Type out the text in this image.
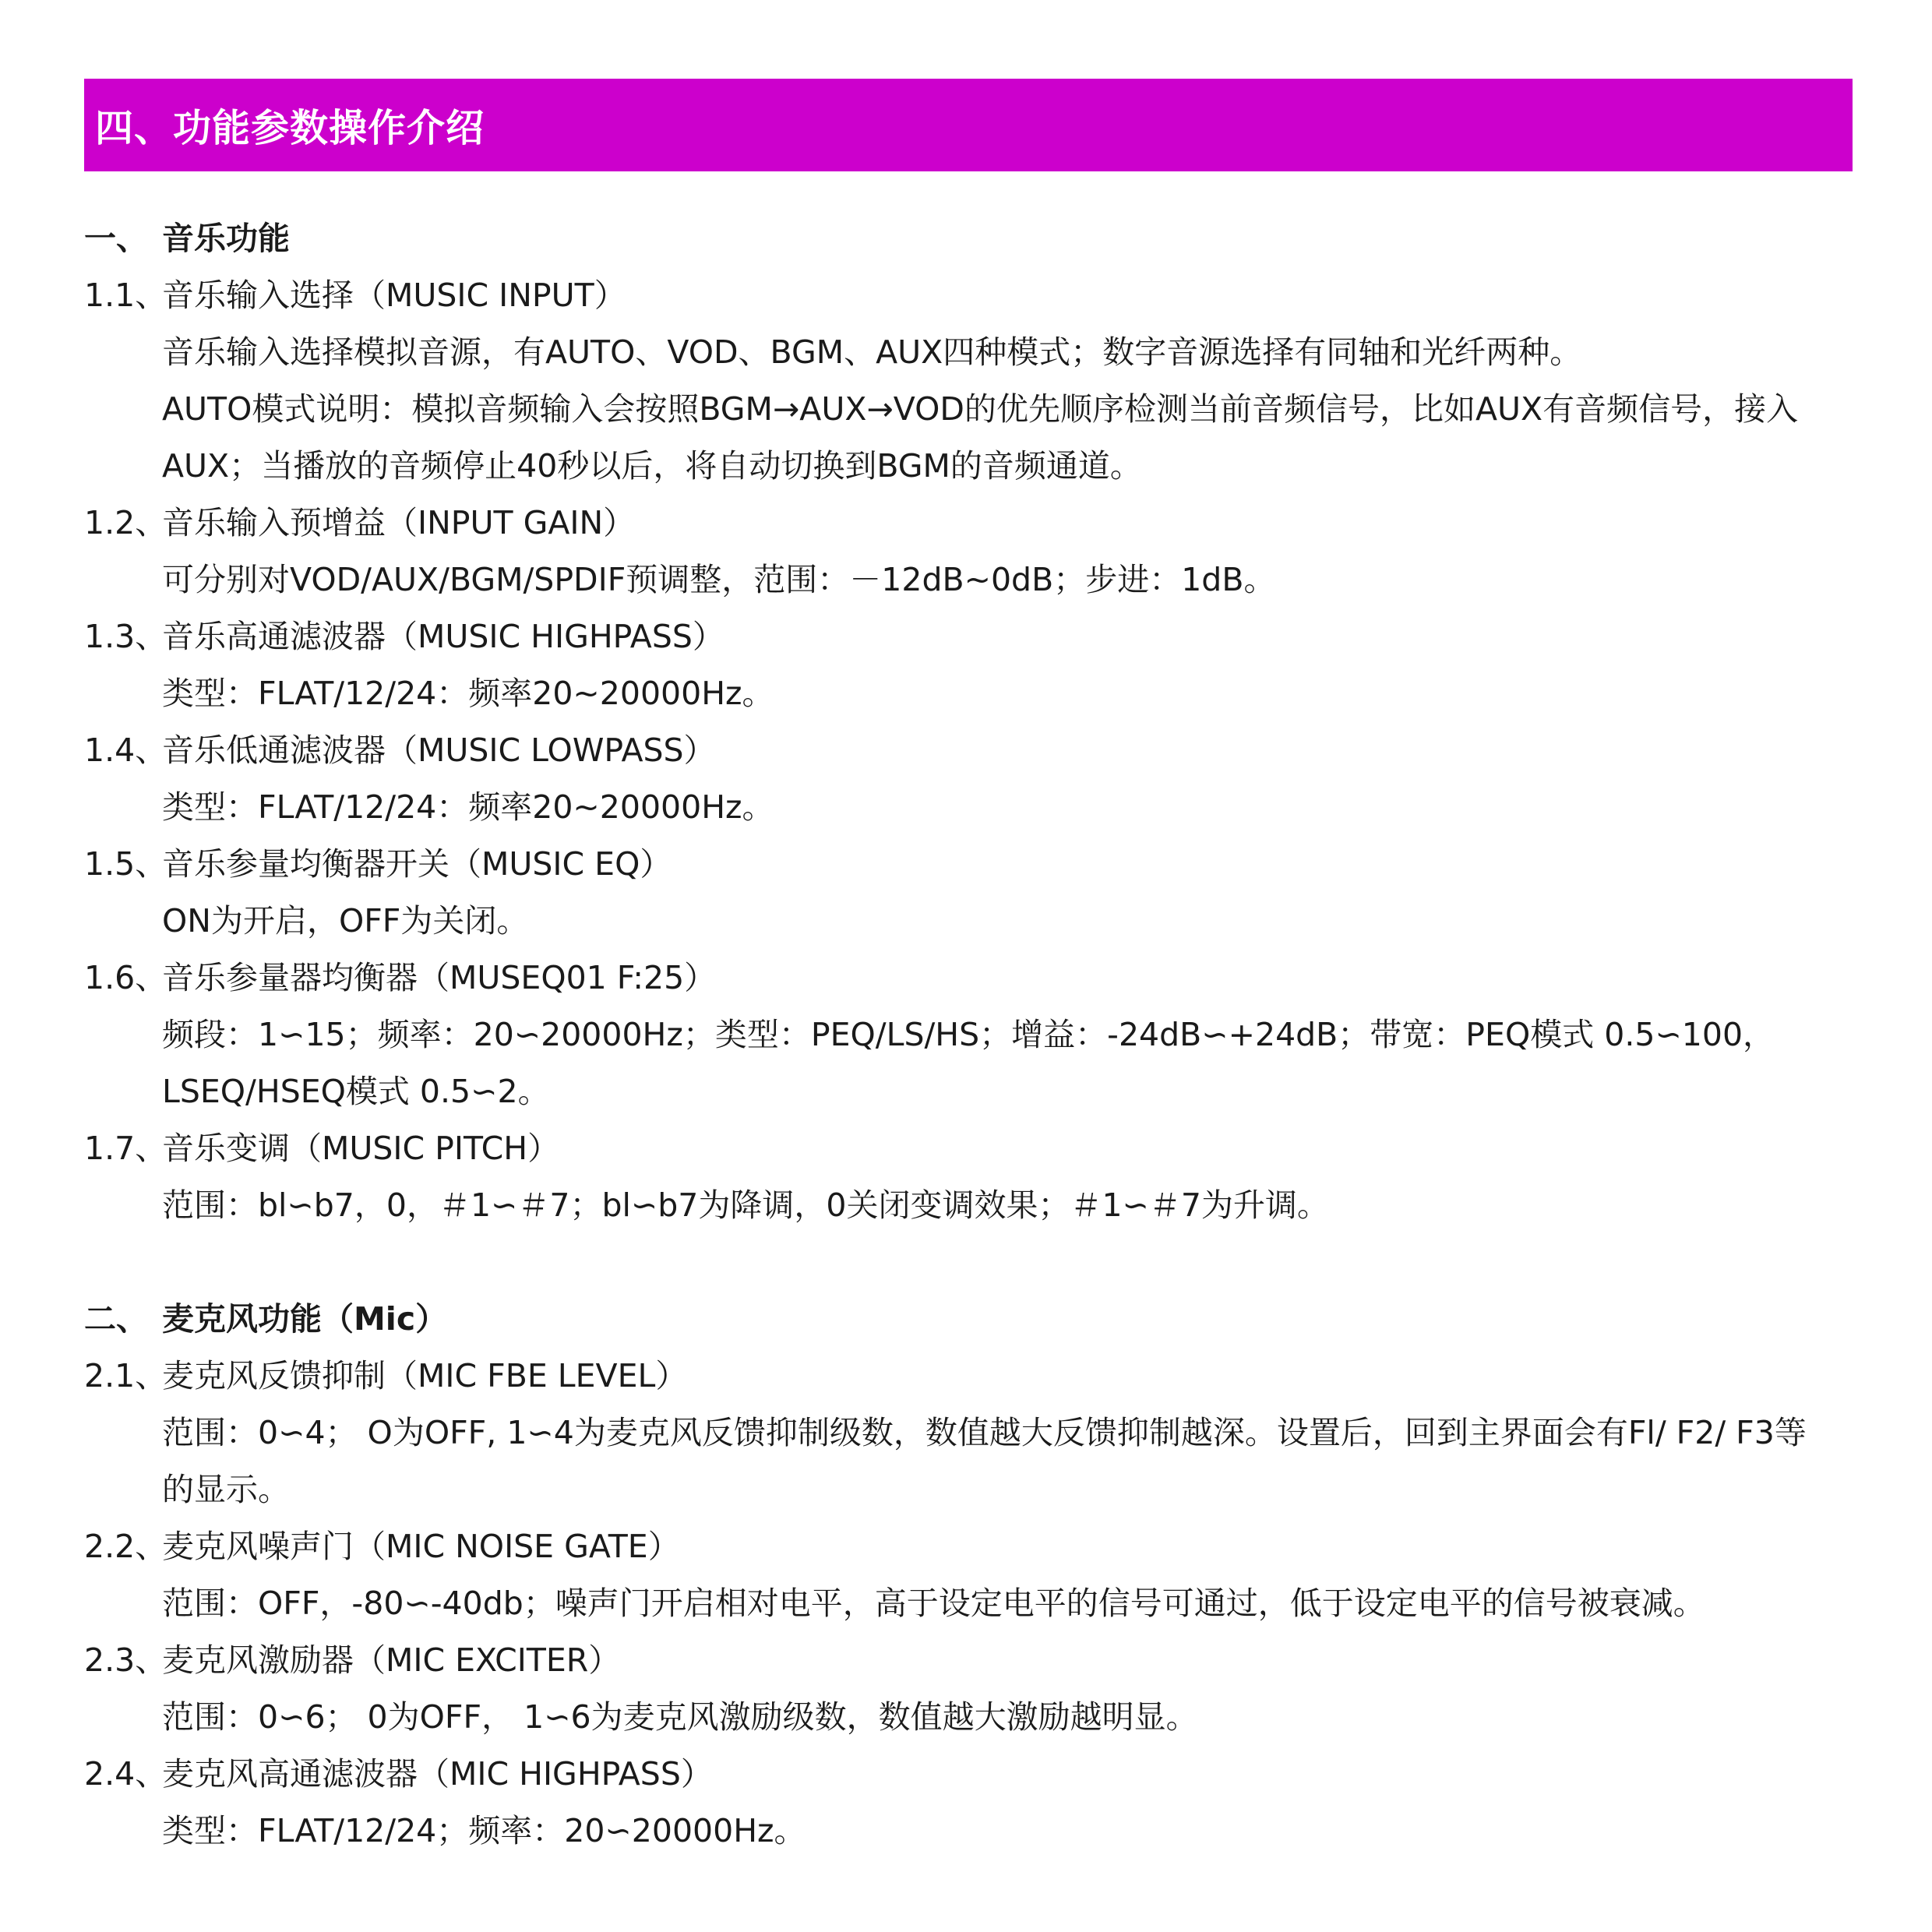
四、功能参数操作介绍
一、 音乐功能
1.1、音乐输入选择（MUSIC INPUT）
音乐输入选择模拟音源，有AUTO、VOD、BGM、AUX四种模式；数字音源选择有同轴和光纤两种。
AUTO模式说明：模拟音频输入会按照BGM→AUX→VOD的优先顺序检测当前音频信号，比如AUX有音频信号，接入
AUX；当播放的音频停止40秒以后，将自动切换到BGM的音频通道。
1.2、音乐输入预增益（INPUT GAIN）
可分别对VOD/AUX/BGM/SPDIF预调整，范围：－12dB~0dB；步进：1dB。
1.3、音乐高通滤波器（MUSIC HIGHPASS）
类型：FLAT/12/24：频率20~20000Hz。
1.4、音乐低通滤波器（MUSIC LOWPASS）
类型：FLAT/12/24：频率20~20000Hz。
1.5、音乐参量均衡器开关（MUSIC EQ）
ON为开启，OFF为关闭。
1.6、音乐参量器均衡器（MUSEQ01 F:25）
频段：1∽15；频率：20∽20000Hz；类型：PEQ/LS/HS；增益：-24dB∽+24dB；带宽：PEQ模式 0.5∽100，
LSEQ/HSEQ模式 0.5∽2。
1.7、音乐变调（MUSIC PITCH）
范围：bl∽b7，0，＃1∽＃7；bl∽b7为降调，0关闭变调效果；＃1∽＃7为升调。
二、 麦克风功能（Mic）
2.1、麦克风反馈抑制（MIC FBE LEVEL）
范围：0∽4； O为OFF, 1∽4为麦克风反馈抑制级数，数值越大反馈抑制越深。设置后，回到主界面会有Fl/ F2/ F3等
的显示。
2.2、麦克风噪声门（MIC NOISE GATE）
范围：OFF，-80∽-40db；噪声门开启相对电平，高于设定电平的信号可通过，低于设定电平的信号被衰减。
2.3、麦克风激励器（MIC EXCITER）
范围：0∽6； 0为OFF， 1∽6为麦克风激励级数，数值越大激励越明显。
2.4、麦克风高通滤波器（MIC HIGHPASS）
类型：FLAT/12/24；频率：20∽20000Hz。
